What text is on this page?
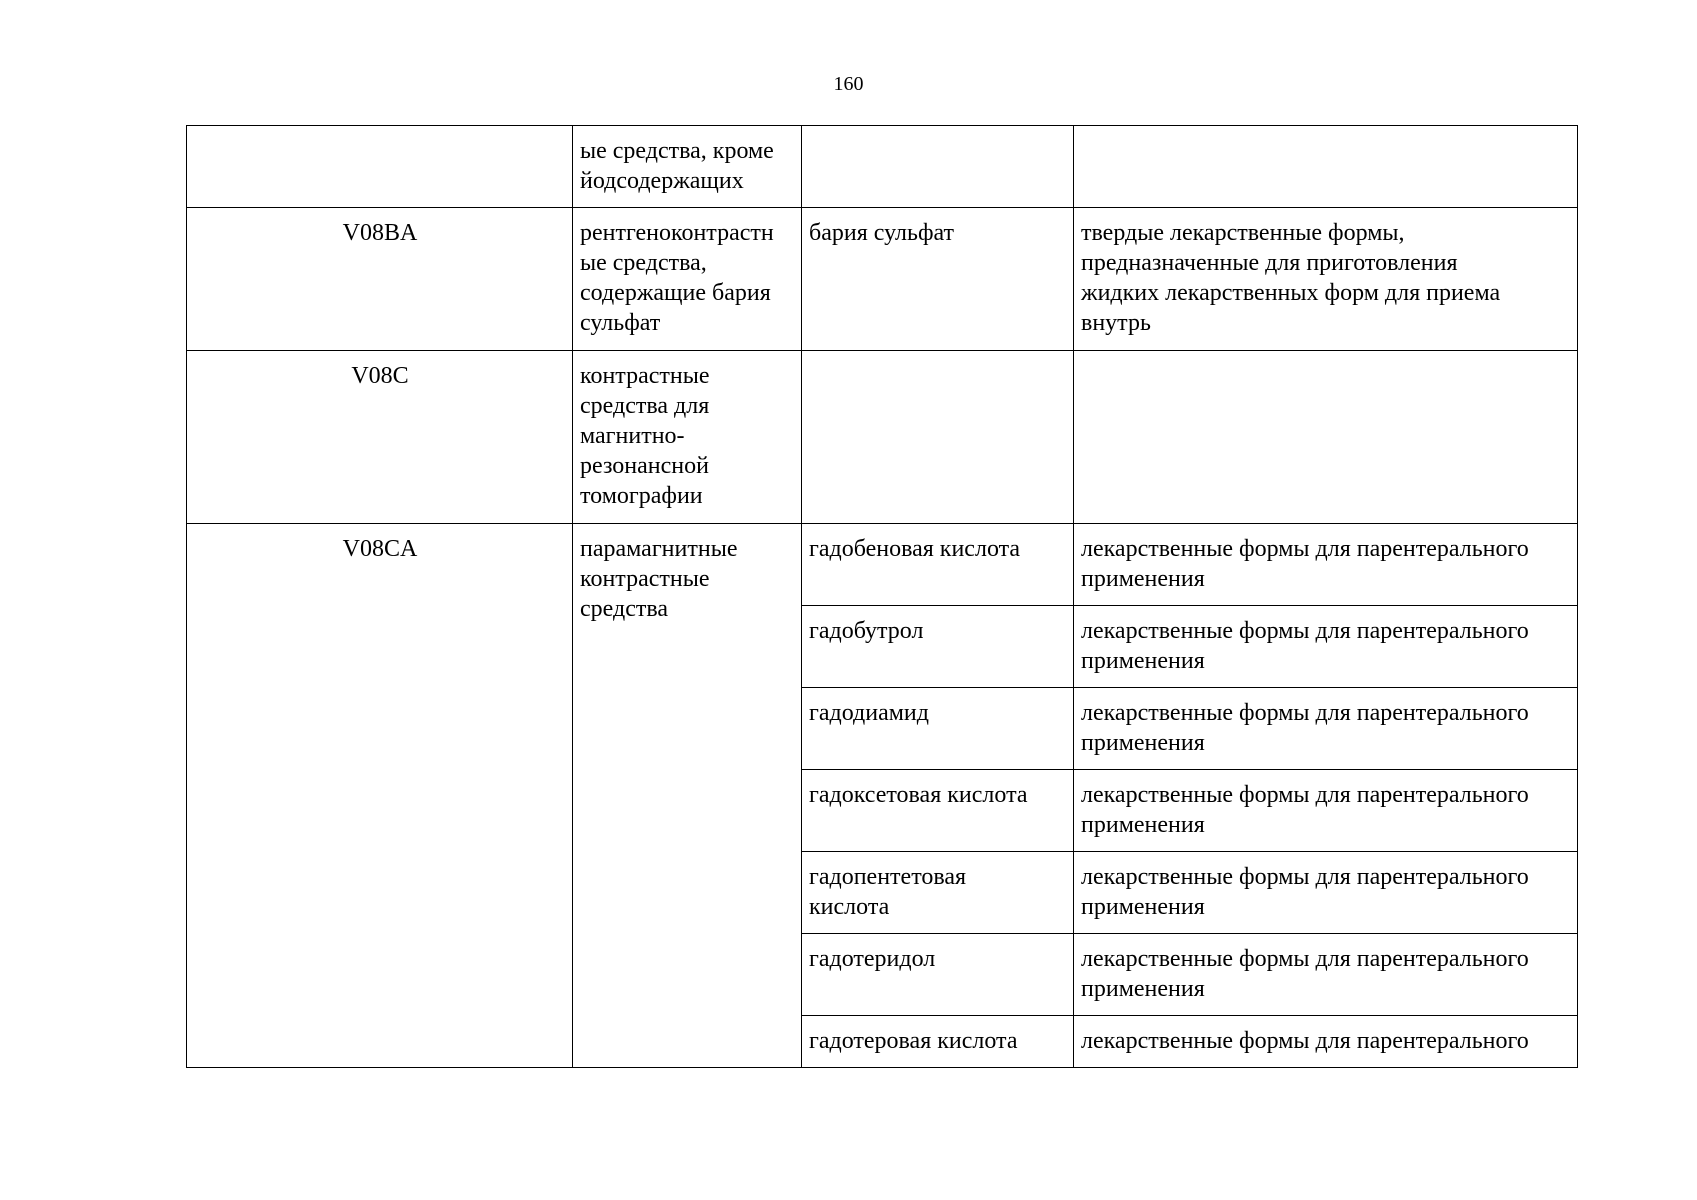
160
	ые средства, кроме
йодсодержащих		
V08BA	рентгеноконтрастн
ые средства,
содержащие бария
сульфат	бария сульфат	твердые лекарственные формы,
предназначенные для приготовления
жидких лекарственных форм для приема
внутрь
V08C	контрастные
средства для
магнитно-
резонансной
томографии		
V08CA	парамагнитные
контрастные
средства	гадобеновая кислота	лекарственные формы для парентерального
применения
		гадобутрол	лекарственные формы для парентерального
применения
		гадодиамид	лекарственные формы для парентерального
применения
		гадоксетовая кислота	лекарственные формы для парентерального
применения
		гадопентетовая
кислота	лекарственные формы для парентерального
применения
		гадотеридол	лекарственные формы для парентерального
применения
		гадотеровая кислота	лекарственные формы для парентерального
